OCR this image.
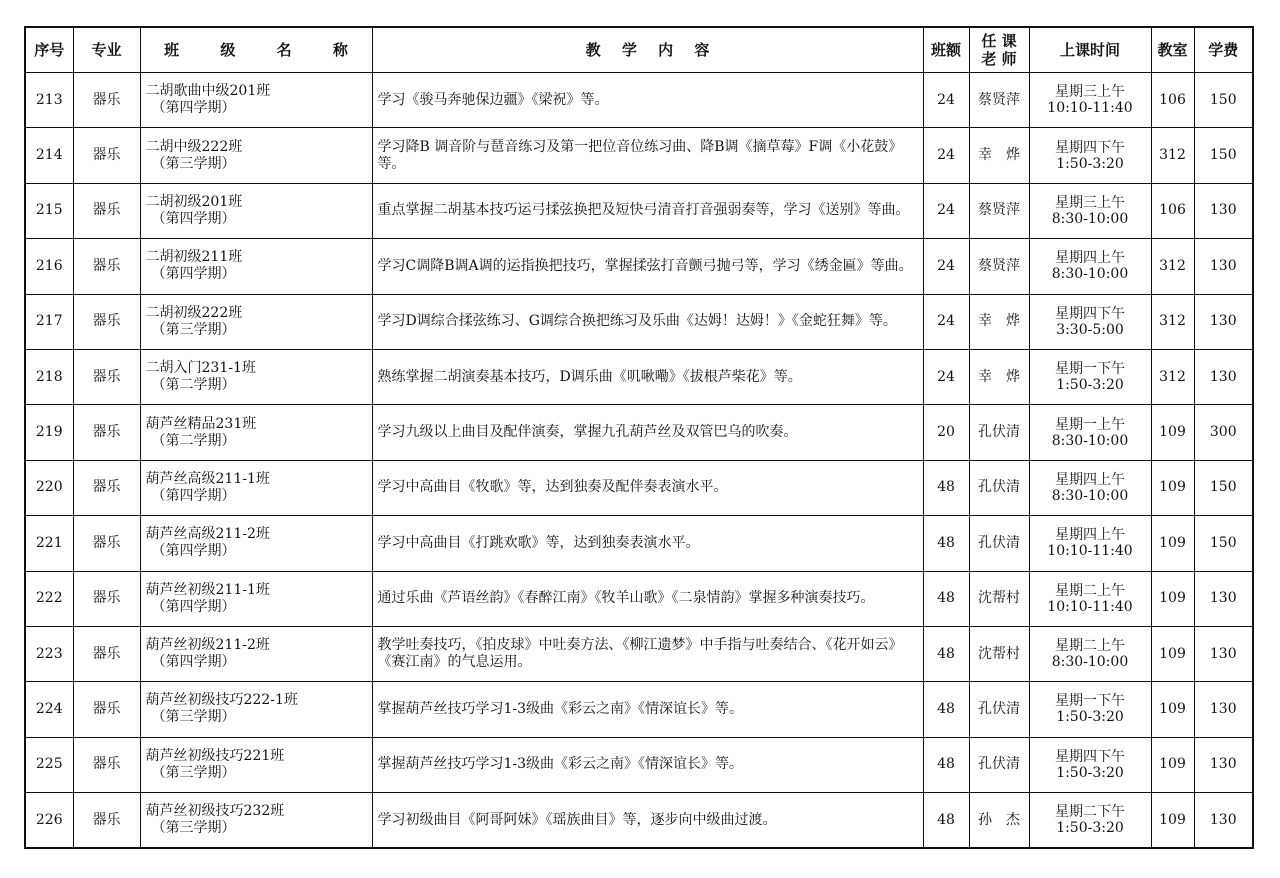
序号	专业	班 级 名 称	教 学 内 容	班额	任 课
老 师	上课时间	教室	学费
213	器乐	二胡歌曲中级201班
（第四学期）	学习《骏马奔驰保边疆》《梁祝》等。	24	蔡贤萍	星期三上午
10:10-11:40	106	150
214	器乐	二胡中级222班
（第三学期）	学习降B 调音阶与琶音练习及第一把位音位练习曲、降B调《摘草莓》F调《小花鼓》等。	24	幸　烨	星期四下午
1:50-3:20	312	150
215	器乐	二胡初级201班
（第四学期）	重点掌握二胡基本技巧运弓揉弦换把及短快弓清音打音强弱奏等，学习《送别》等曲。	24	蔡贤萍	星期三上午
8:30-10:00	106	130
216	器乐	二胡初级211班
（第四学期）	学习C调降B调A调的运指换把技巧，掌握揉弦打音颤弓抛弓等，学习《绣金匾》等曲。	24	蔡贤萍	星期四上午
8:30-10:00	312	130
217	器乐	二胡初级222班
（第三学期）	学习D调综合揉弦练习、G调综合换把练习及乐曲《达姆！达姆！》《金蛇狂舞》等。	24	幸　烨	星期四下午
3:30-5:00	312	130
218	器乐	二胡入门231-1班
（第二学期）	熟练掌握二胡演奏基本技巧，D调乐曲《叽啾嘞》《拔根芦柴花》等。	24	幸　烨	星期一下午
1:50-3:20	312	130
219	器乐	葫芦丝精品231班
（第二学期）	学习九级以上曲目及配伴演奏，掌握九孔葫芦丝及双管巴乌的吹奏。	20	孔伏清	星期一上午
8:30-10:00	109	300
220	器乐	葫芦丝高级211-1班
（第四学期）	学习中高曲目《牧歌》等，达到独奏及配伴奏表演水平。	48	孔伏清	星期四上午
8:30-10:00	109	150
221	器乐	葫芦丝高级211-2班
（第四学期）	学习中高曲目《打跳欢歌》等，达到独奏表演水平。	48	孔伏清	星期四上午
10:10-11:40	109	150
222	器乐	葫芦丝初级211-1班
（第四学期）	通过乐曲《芦语丝韵》《春醉江南》《牧羊山歌》《二泉情韵》掌握多种演奏技巧。	48	沈帮村	星期二上午
10:10-11:40	109	130
223	器乐	葫芦丝初级211-2班
（第四学期）	教学吐奏技巧，《拍皮球》中吐奏方法、《柳江遗梦》中手指与吐奏结合、《花开如云》《赛江南》的气息运用。	48	沈帮村	星期二上午
8:30-10:00	109	130
224	器乐	葫芦丝初级技巧222-1班
（第三学期）	掌握葫芦丝技巧学习1-3级曲《彩云之南》《情深谊长》等。	48	孔伏清	星期一下午
1:50-3:20	109	130
225	器乐	葫芦丝初级技巧221班
（第三学期）	掌握葫芦丝技巧学习1-3级曲《彩云之南》《情深谊长》等。	48	孔伏清	星期四下午
1:50-3:20	109	130
226	器乐	葫芦丝初级技巧232班
（第三学期）	学习初级曲目《阿哥阿妹》《瑶族曲目》等，逐步向中级曲过渡。	48	孙　杰	星期二下午
1:50-3:20	109	130
